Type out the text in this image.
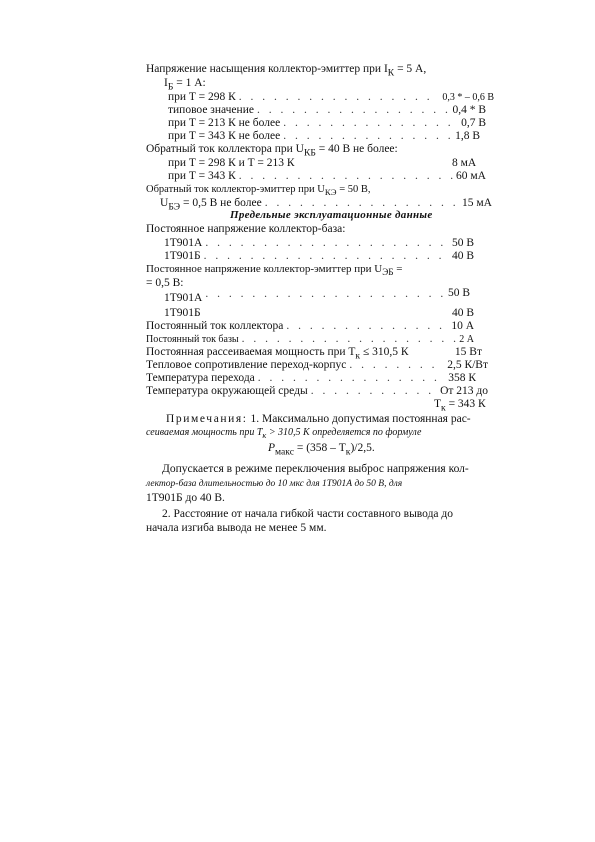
Напряжение насыщения коллектор-эмиттер при $I_К = 5$ А,
$I_Б = 1$ А:
при T = 298 К . . .	0,3 * – 0,6 В
типовое значение . . .	0,4 * В
при T = 213 К не более . . .	0,7 В
при T = 343 К не более . . .	1,8 В
Обратный ток коллектора при $U_{КБ} = 40$ В не более:
при T = 298 К и T = 213 К	8 мА
при T = 343 К . . .	60 мА
Обратный ток коллектор-эмиттер при $U_{КЭ} = 50$ В,
$U_{БЭ} = 0,5$ В не более . . .	15 мА
Предельные эксплуатационные данные
Постоянное напряжение коллектор-база:
1Т901А . . .	50 В
1Т901Б . . .	40 В
Постоянное напряжение коллектор-эмиттер при $U_{ЭБ}$ =
= 0,5 В:
1Т901А . . .	50 В
1Т901Б	40 В
Постоянный ток коллектора . . .	10 А
Постоянный ток базы . . .	2 А
Постоянная рассеиваемая мощность при $T_к \le 310,5$ К	15 Вт
Тепловое сопротивление переход-корпус . . .	2,5 К/Вт
Температура перехода . . .	358 К
Температура окружающей среды . . .	От 213 до
$T_к = 343$ К
Примечания: 1. Максимально допустимая постоянная рас-
сеиваемая мощность при $T_к > 310,5$ К определяется по формуле
$P_{макс} = (358 - T_к)/2,5$.
Допускается в режиме переключения выброс напряжения кол-
лектор-база длительностью до 10 мкс для 1Т901А до 50 В, для
1Т901Б до 40 В.
2. Расстояние от начала гибкой части составного вывода до
начала изгиба вывода не менее 5 мм.
